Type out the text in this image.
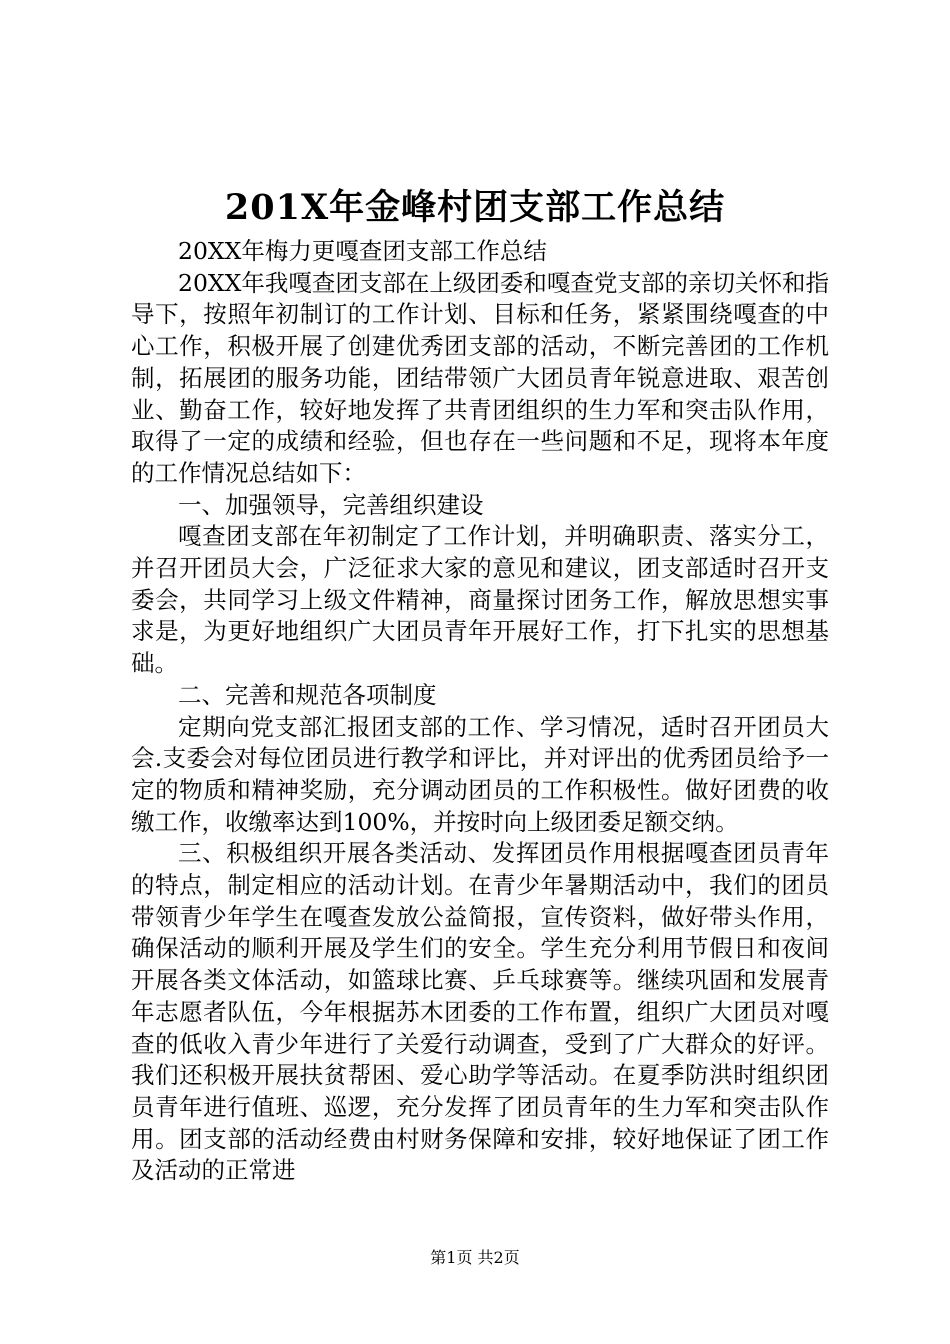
201X年金峰村团支部工作总结

20XX年梅力更嘎查团支部工作总结

20XX年我嘎查团支部在上级团委和嘎查党支部的亲切关怀和指导下，按照年初制订的工作计划、目标和任务，紧紧围绕嘎查的中心工作，积极开展了创建优秀团支部的活动，不断完善团的工作机制，拓展团的服务功能，团结带领广大团员青年锐意进取、艰苦创业、勤奋工作，较好地发挥了共青团组织的生力军和突击队作用，取得了一定的成绩和经验，但也存在一些问题和不足，现将本年度的工作情况总结如下：

一、加强领导，完善组织建设

嘎查团支部在年初制定了工作计划，并明确职责、落实分工，并召开团员大会，广泛征求大家的意见和建议，团支部适时召开支委会，共同学习上级文件精神，商量探讨团务工作，解放思想实事求是，为更好地组织广大团员青年开展好工作，打下扎实的思想基础。

二、完善和规范各项制度

定期向党支部汇报团支部的工作、学习情况，适时召开团员大会.支委会对每位团员进行教学和评比，并对评出的优秀团员给予一定的物质和精神奖励，充分调动团员的工作积极性。做好团费的收缴工作，收缴率达到100%，并按时向上级团委足额交纳。

三、积极组织开展各类活动、发挥团员作用根据嘎查团员青年的特点，制定相应的活动计划。在青少年暑期活动中，我们的团员带领青少年学生在嘎查发放公益简报，宣传资料，做好带头作用，确保活动的顺利开展及学生们的安全。学生充分利用节假日和夜间开展各类文体活动，如篮球比赛、乒乓球赛等。继续巩固和发展青年志愿者队伍，今年根据苏木团委的工作布置，组织广大团员对嘎查的低收入青少年进行了关爱行动调查，受到了广大群众的好评。我们还积极开展扶贫帮困、爱心助学等活动。在夏季防洪时组织团员青年进行值班、巡逻，充分发挥了团员青年的生力军和突击队作用。团支部的活动经费由村财务保障和安排，较好地保证了团工作及活动的正常进

第1页 共2页
